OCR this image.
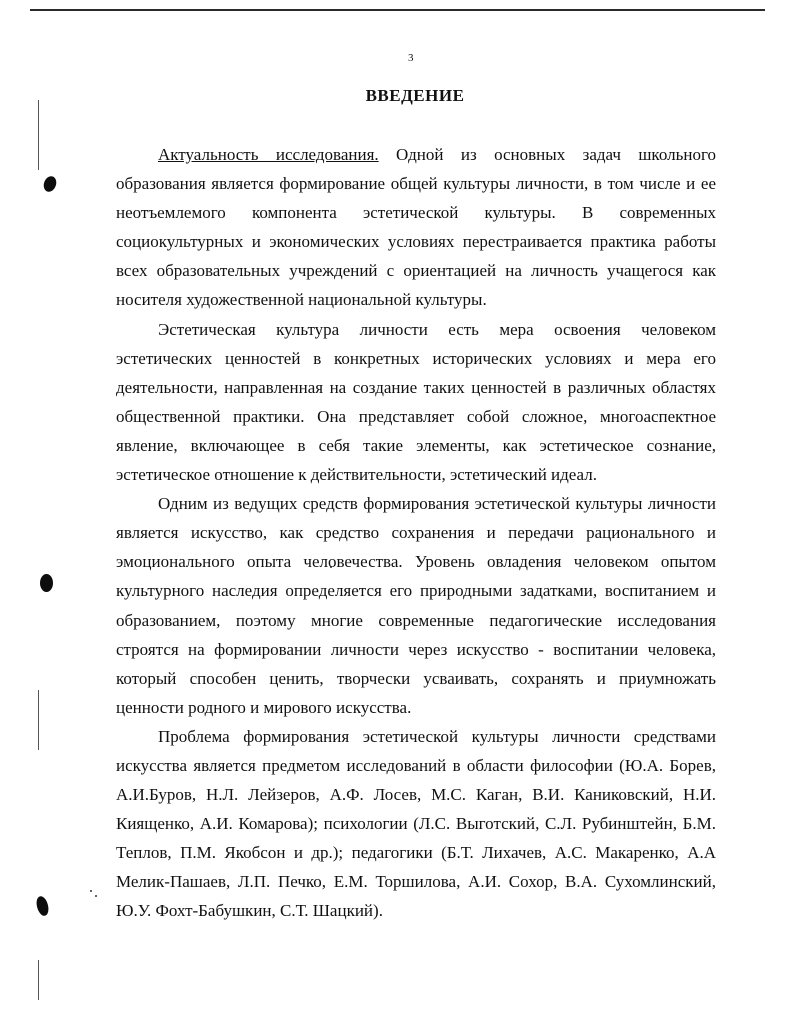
3
ВВЕДЕНИЕ

Актуальность исследования. Одной из основных задач школьного образования является формирование общей культуры личности, в том числе и ее неотъемлемого компонента эстетической культуры. В современных социокультурных и экономических условиях перестраивается практика работы всех образовательных учреждений с ориентацией на личность учащегося как носителя художественной национальной культуры.

Эстетическая культура личности есть мера освоения человеком эстетических ценностей в конкретных исторических условиях и мера его деятельности, направленная на создание таких ценностей в различных областях общественной практики. Она представляет собой сложное, многоаспектное явление, включающее в себя такие элементы, как эстетическое сознание, эстетическое отношение к действительности, эстетический идеал.

Одним из ведущих средств формирования эстетической культуры личности является искусство, как средство сохранения и передачи рационального и эмоционального опыта человечества. Уровень овладения человеком опытом культурного наследия определяется его природными задатками, воспитанием и образованием, поэтому многие современные педагогические исследования строятся на формировании личности через искусство - воспитании человека, который способен ценить, творчески усваивать, сохранять и приумножать ценности родного и мирового искусства.

Проблема формирования эстетической культуры личности средствами искусства является предметом исследований в области философии (Ю.А. Борев, А.И.Буров, Н.Л. Лейзеров, А.Ф. Лосев, М.С. Каган, В.И. Каниковский, Н.И. Киященко, А.И. Комарова); психологии (Л.С. Выготский, С.Л. Рубинштейн, Б.М. Теплов, П.М. Якобсон и др.); педагогики (Б.Т. Лихачев, А.С. Макаренко, А.А Мелик-Пашаев, Л.П. Печко, Е.М. Торшилова, А.И. Сохор, В.А. Сухомлинский, Ю.У. Фохт-Бабушкин, С.Т. Шацкий).
